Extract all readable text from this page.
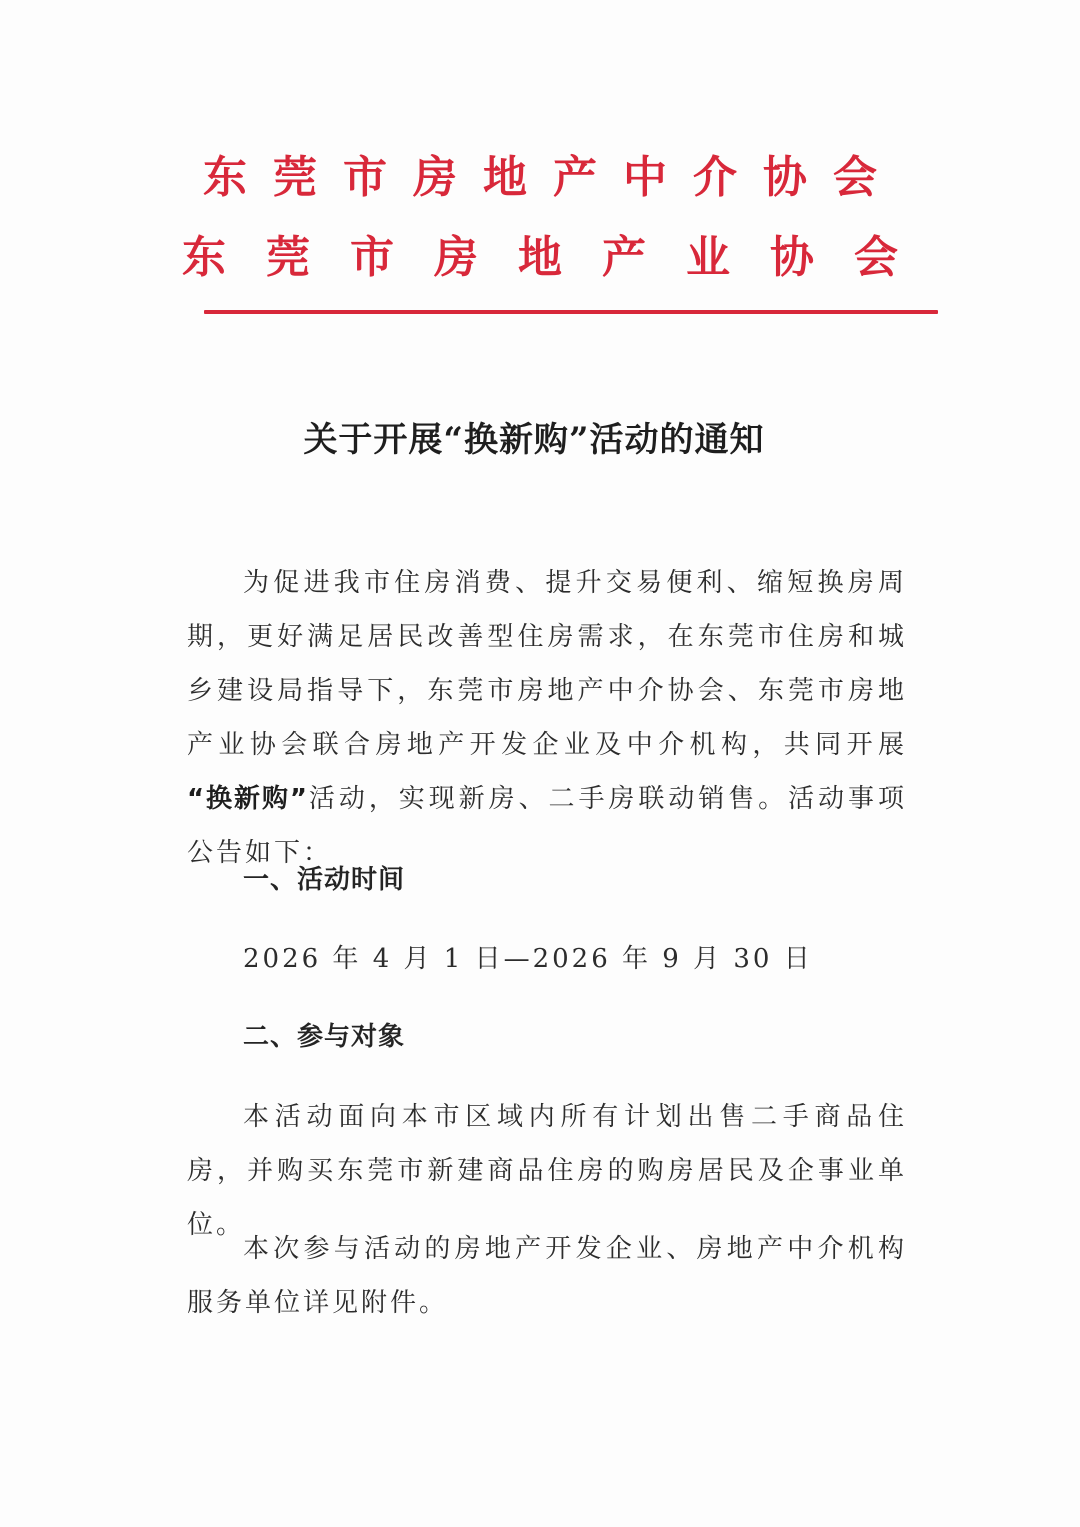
东莞市房地产中介协会
东莞市房地产业协会
关于开展“换新购”活动的通知

为促进我市住房消费、提升交易便利、缩短换房周期，更好满足居民改善型住房需求，在东莞市住房和城乡建设局指导下，东莞市房地产中介协会、东莞市房地产业协会联合房地产开发企业及中介机构，共同开展 “换新购”活动，实现新房、二手房联动销售。活动事项公告如下：

一、活动时间
2026 年 4 月 1 日—2026 年 9 月 30 日
二、参与对象

本活动面向本市区域内所有计划出售二手商品住房，并购买东莞市新建商品住房的购房居民及企事业单位。

本次参与活动的房地产开发企业、房地产中介机构服务单位详见附件。
